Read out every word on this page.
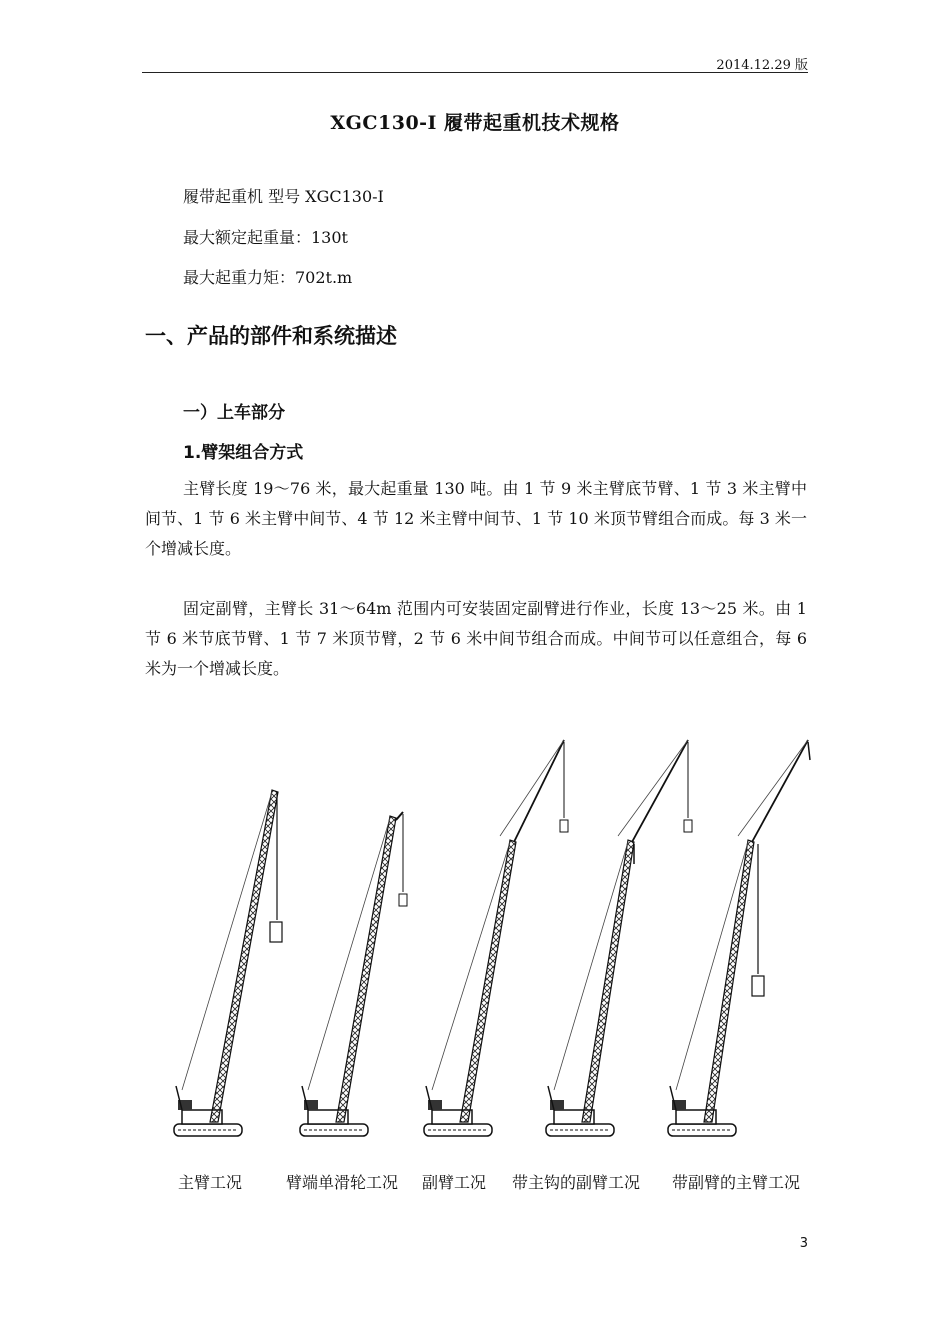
2014.12.29 版
XGC130-I 履带起重机技术规格
履带起重机 型号 XGC130-I
最大额定起重量：130t
最大起重力矩：702t.m
一、产品的部件和系统描述
一）上车部分
1.臂架组合方式
主臂长度 19～76 米，最大起重量 130 吨。由 1 节 9 米主臂底节臂、1 节 3 米主臂中间节、1 节 6 米主臂中间节、4 节 12 米主臂中间节、1 节 10 米顶节臂组合而成。每 3 米一个增减长度。
固定副臂，主臂长 31～64m 范围内可安装固定副臂进行作业，长度 13～25 米。由 1 节 6 米节底节臂、1 节 7 米顶节臂，2 节 6 米中间节组合而成。中间节可以任意组合，每 6 米为一个增减长度。
主臂工况	臂端单滑轮工况 副臂工况 带主钩的副臂工况 带副臂的主臂工况
3
